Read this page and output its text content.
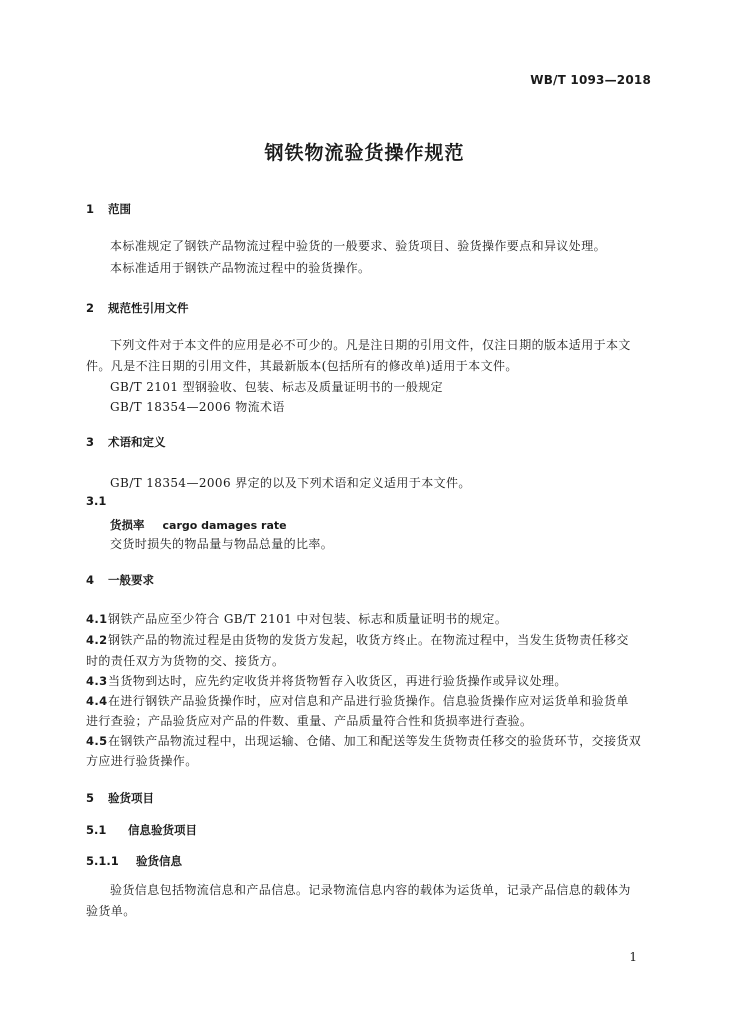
WB/T 1093—2018
钢铁物流验货操作规范
1 范围
本标准规定了钢铁产品物流过程中验货的一般要求、验货项目、验货操作要点和异议处理。
本标准适用于钢铁产品物流过程中的验货操作。
2 规范性引用文件
下列文件对于本文件的应用是必不可少的。凡是注日期的引用文件，仅注日期的版本适用于本文
件。凡是不注日期的引用文件，其最新版本(包括所有的修改单)适用于本文件。
GB/T 2101 型钢验收、包装、标志及质量证明书的一般规定
GB/T 18354—2006 物流术语
3 术语和定义
GB/T 18354—2006 界定的以及下列术语和定义适用于本文件。
3.1
货损率 cargo damages rate
交货时损失的物品量与物品总量的比率。
4 一般要求
4.1钢铁产品应至少符合 GB/T 2101 中对包装、标志和质量证明书的规定。
4.2钢铁产品的物流过程是由货物的发货方发起，收货方终止。在物流过程中，当发生货物责任移交
时的责任双方为货物的交、接货方。
4.3当货物到达时，应先约定收货并将货物暂存入收货区，再进行验货操作或异议处理。
4.4在进行钢铁产品验货操作时，应对信息和产品进行验货操作。信息验货操作应对运货单和验货单
进行查验；产品验货应对产品的件数、重量、产品质量符合性和货损率进行查验。
4.5在钢铁产品物流过程中，出现运输、仓储、加工和配送等发生货物责任移交的验货环节，交接货双
方应进行验货操作。
5 验货项目
5.1 信息验货项目
5.1.1 验货信息
验货信息包括物流信息和产品信息。记录物流信息内容的载体为运货单，记录产品信息的载体为
验货单。
1
